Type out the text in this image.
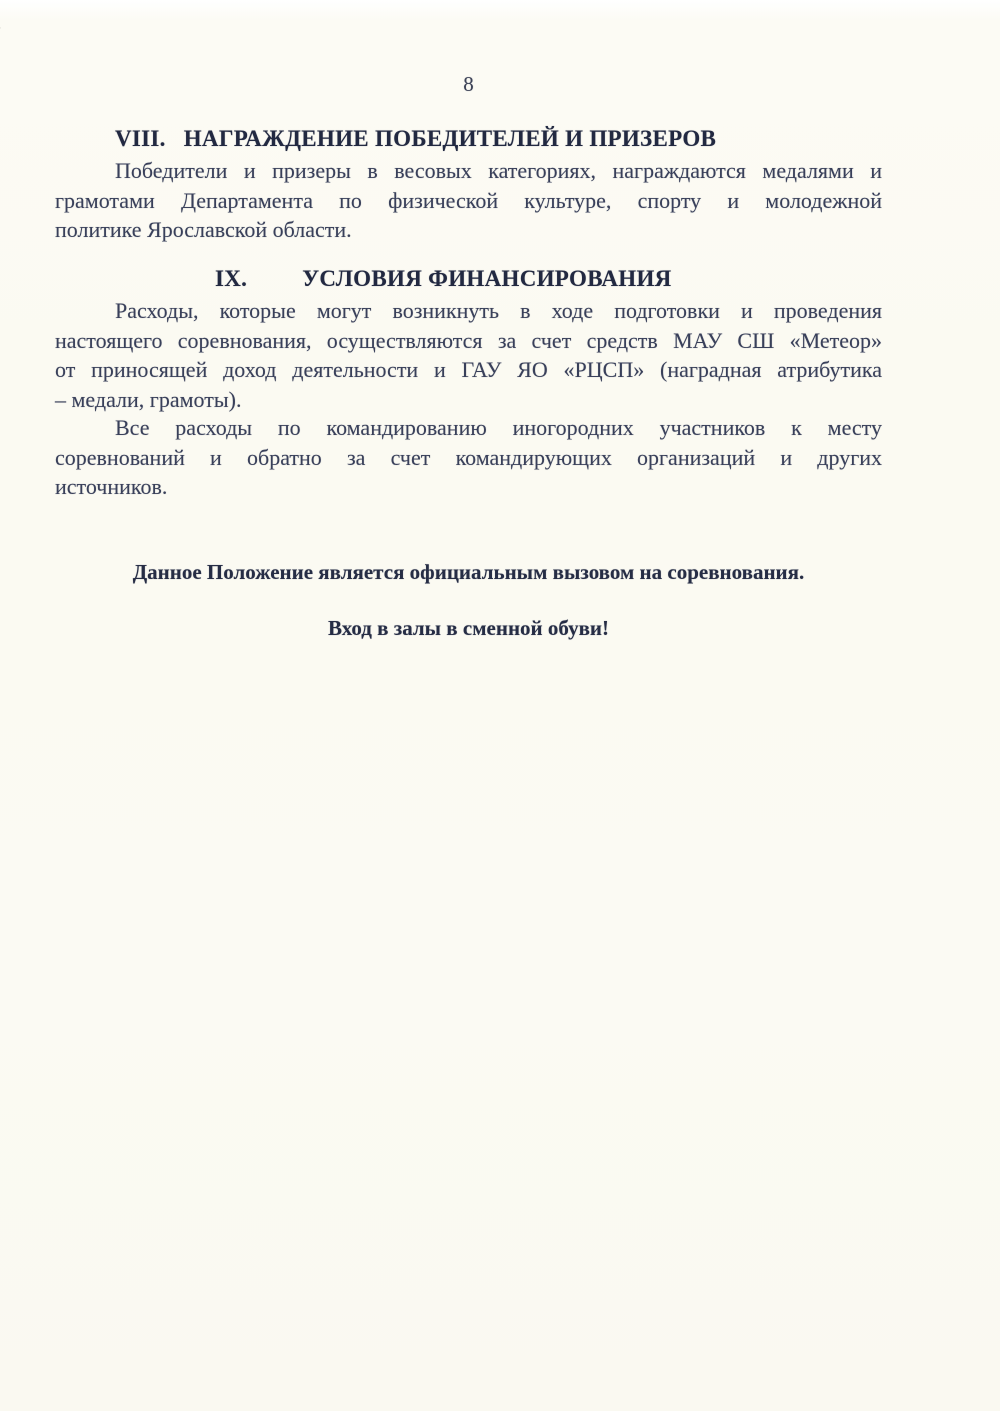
8
VIII. НАГРАЖДЕНИЕ ПОБЕДИТЕЛЕЙ И ПРИЗЕРОВ
Победители и призеры в весовых категориях, награждаются медалями и
грамотами Департамента по физической культуре, спорту и молодежной
политике Ярославской области.
IX. УСЛОВИЯ ФИНАНСИРОВАНИЯ
Расходы, которые могут возникнуть в ходе подготовки и проведения
настоящего соревнования, осуществляются за счет средств МАУ СШ «Метеор»
от приносящей доход деятельности и ГАУ ЯО «РЦСП» (наградная атрибутика
– медали, грамоты).
Все расходы по командированию иногородних участников к месту
соревнований и обратно за счет командирующих организаций и других
источников.
Данное Положение является официальным вызовом на соревнования.
Вход в залы в сменной обуви!
